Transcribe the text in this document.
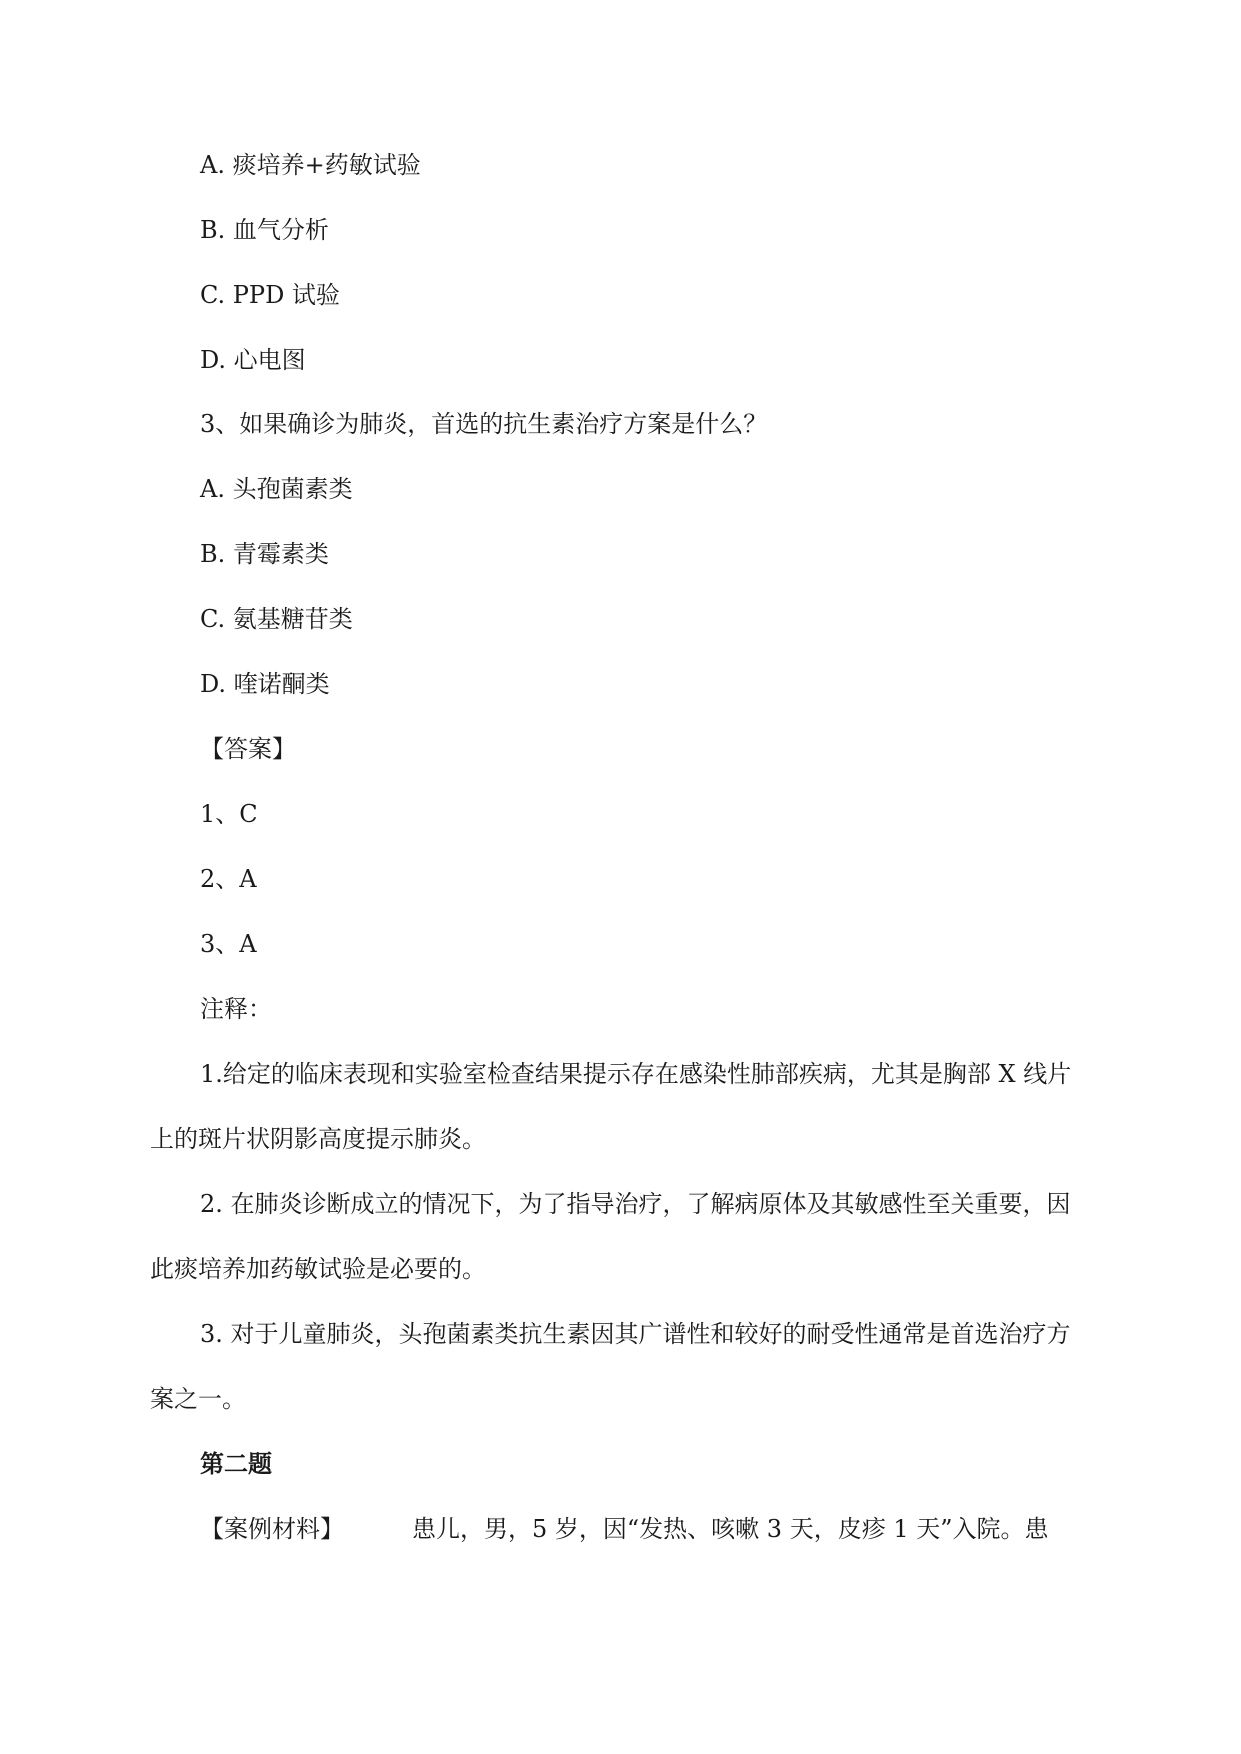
A. 痰培养+药敏试验

B. 血气分析

C. PPD 试验

D. 心电图

3、如果确诊为肺炎，首选的抗生素治疗方案是什么？

A. 头孢菌素类

B. 青霉素类

C. 氨基糖苷类

D. 喹诺酮类

【答案】

1、C

2、A

3、A

注释：

1.给定的临床表现和实验室检查结果提示存在感染性肺部疾病，尤其是胸部 X 线片

上的斑片状阴影高度提示肺炎。

2. 在肺炎诊断成立的情况下，为了指导治疗，了解病原体及其敏感性至关重要，因

此痰培养加药敏试验是必要的。

3. 对于儿童肺炎，头孢菌素类抗生素因其广谱性和较好的耐受性通常是首选治疗方

案之一。

第二题

【案例材料】	患儿，男，5 岁，因“发热、咳嗽 3 天，皮疹 1 天”入院。患
